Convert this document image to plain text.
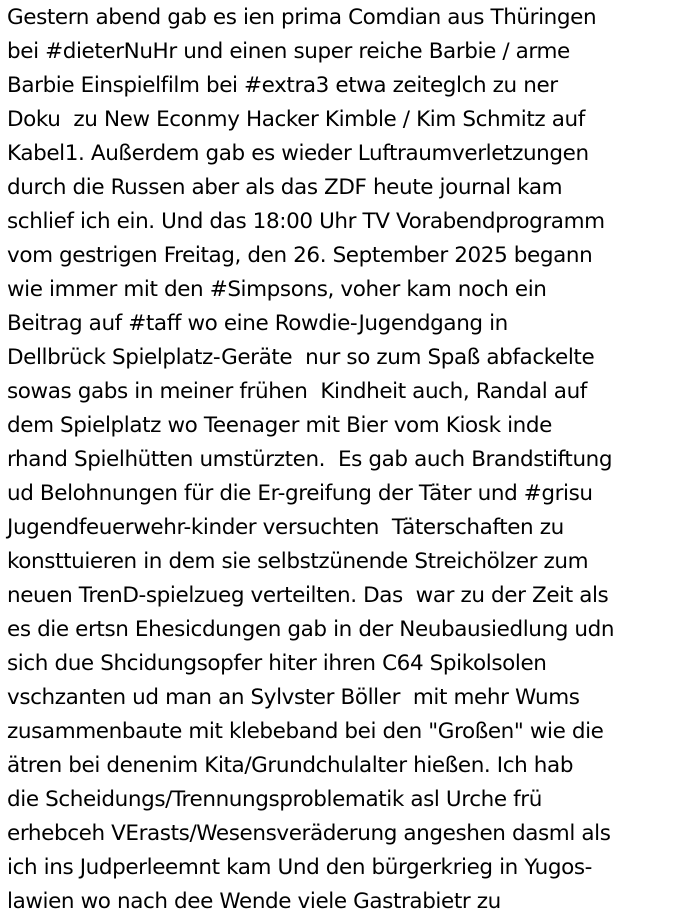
Gestern abend gab es ien prima Comdian aus Thüringen

bei #dieterNuHr und einen super reiche Barbie / arme

Barbie Einspielfilm bei #extra3 etwa zeiteglch zu ner

Doku  zu New Econmy Hacker Kimble / Kim Schmitz auf

Kabel1. Außerdem gab es wieder Luftraumverletzungen

durch die Russen aber als das ZDF heute journal kam

schlief ich ein. Und das 18:00 Uhr TV Vorabendprogramm

vom gestrigen Freitag, den 26. September 2025 begann

wie immer mit den #Simpsons, voher kam noch ein

Beitrag auf #taff wo eine Rowdie-Jugendgang in

Dellbrück Spielplatz-Geräte  nur so zum Spaß abfackelte

sowas gabs in meiner frühen  Kindheit auch, Randal auf

dem Spielplatz wo Teenager mit Bier vom Kiosk inde

rhand Spielhütten umstürzten.  Es gab auch Brandstiftung

ud Belohnungen für die Er-greifung der Täter und #grisu

Jugendfeuerwehr-kinder versuchten  Täterschaften zu

konsttuieren in dem sie selbstzünende Streichölzer zum

neuen TrenD-spielzueg verteilten. Das  war zu der Zeit als

es die ertsn Ehesicdungen gab in der Neubausiedlung udn

sich due Shcidungsopfer hiter ihren C64 Spikolsolen

vschzanten ud man an Sylvster Böller  mit mehr Wums

zusammenbaute mit klebeband bei den "Großen" wie die

ätren bei denenim Kita/Grundchulalter hießen. Ich hab

die Scheidungs/Trennungsproblematik asl Urche frü

erhebceh VErasts/Wesensveräderung angeshen dasml als

ich ins Judperleemnt kam Und den bürgerkrieg in Yugos-

lawien wo nach dee Wende viele Gastrabietr zu
